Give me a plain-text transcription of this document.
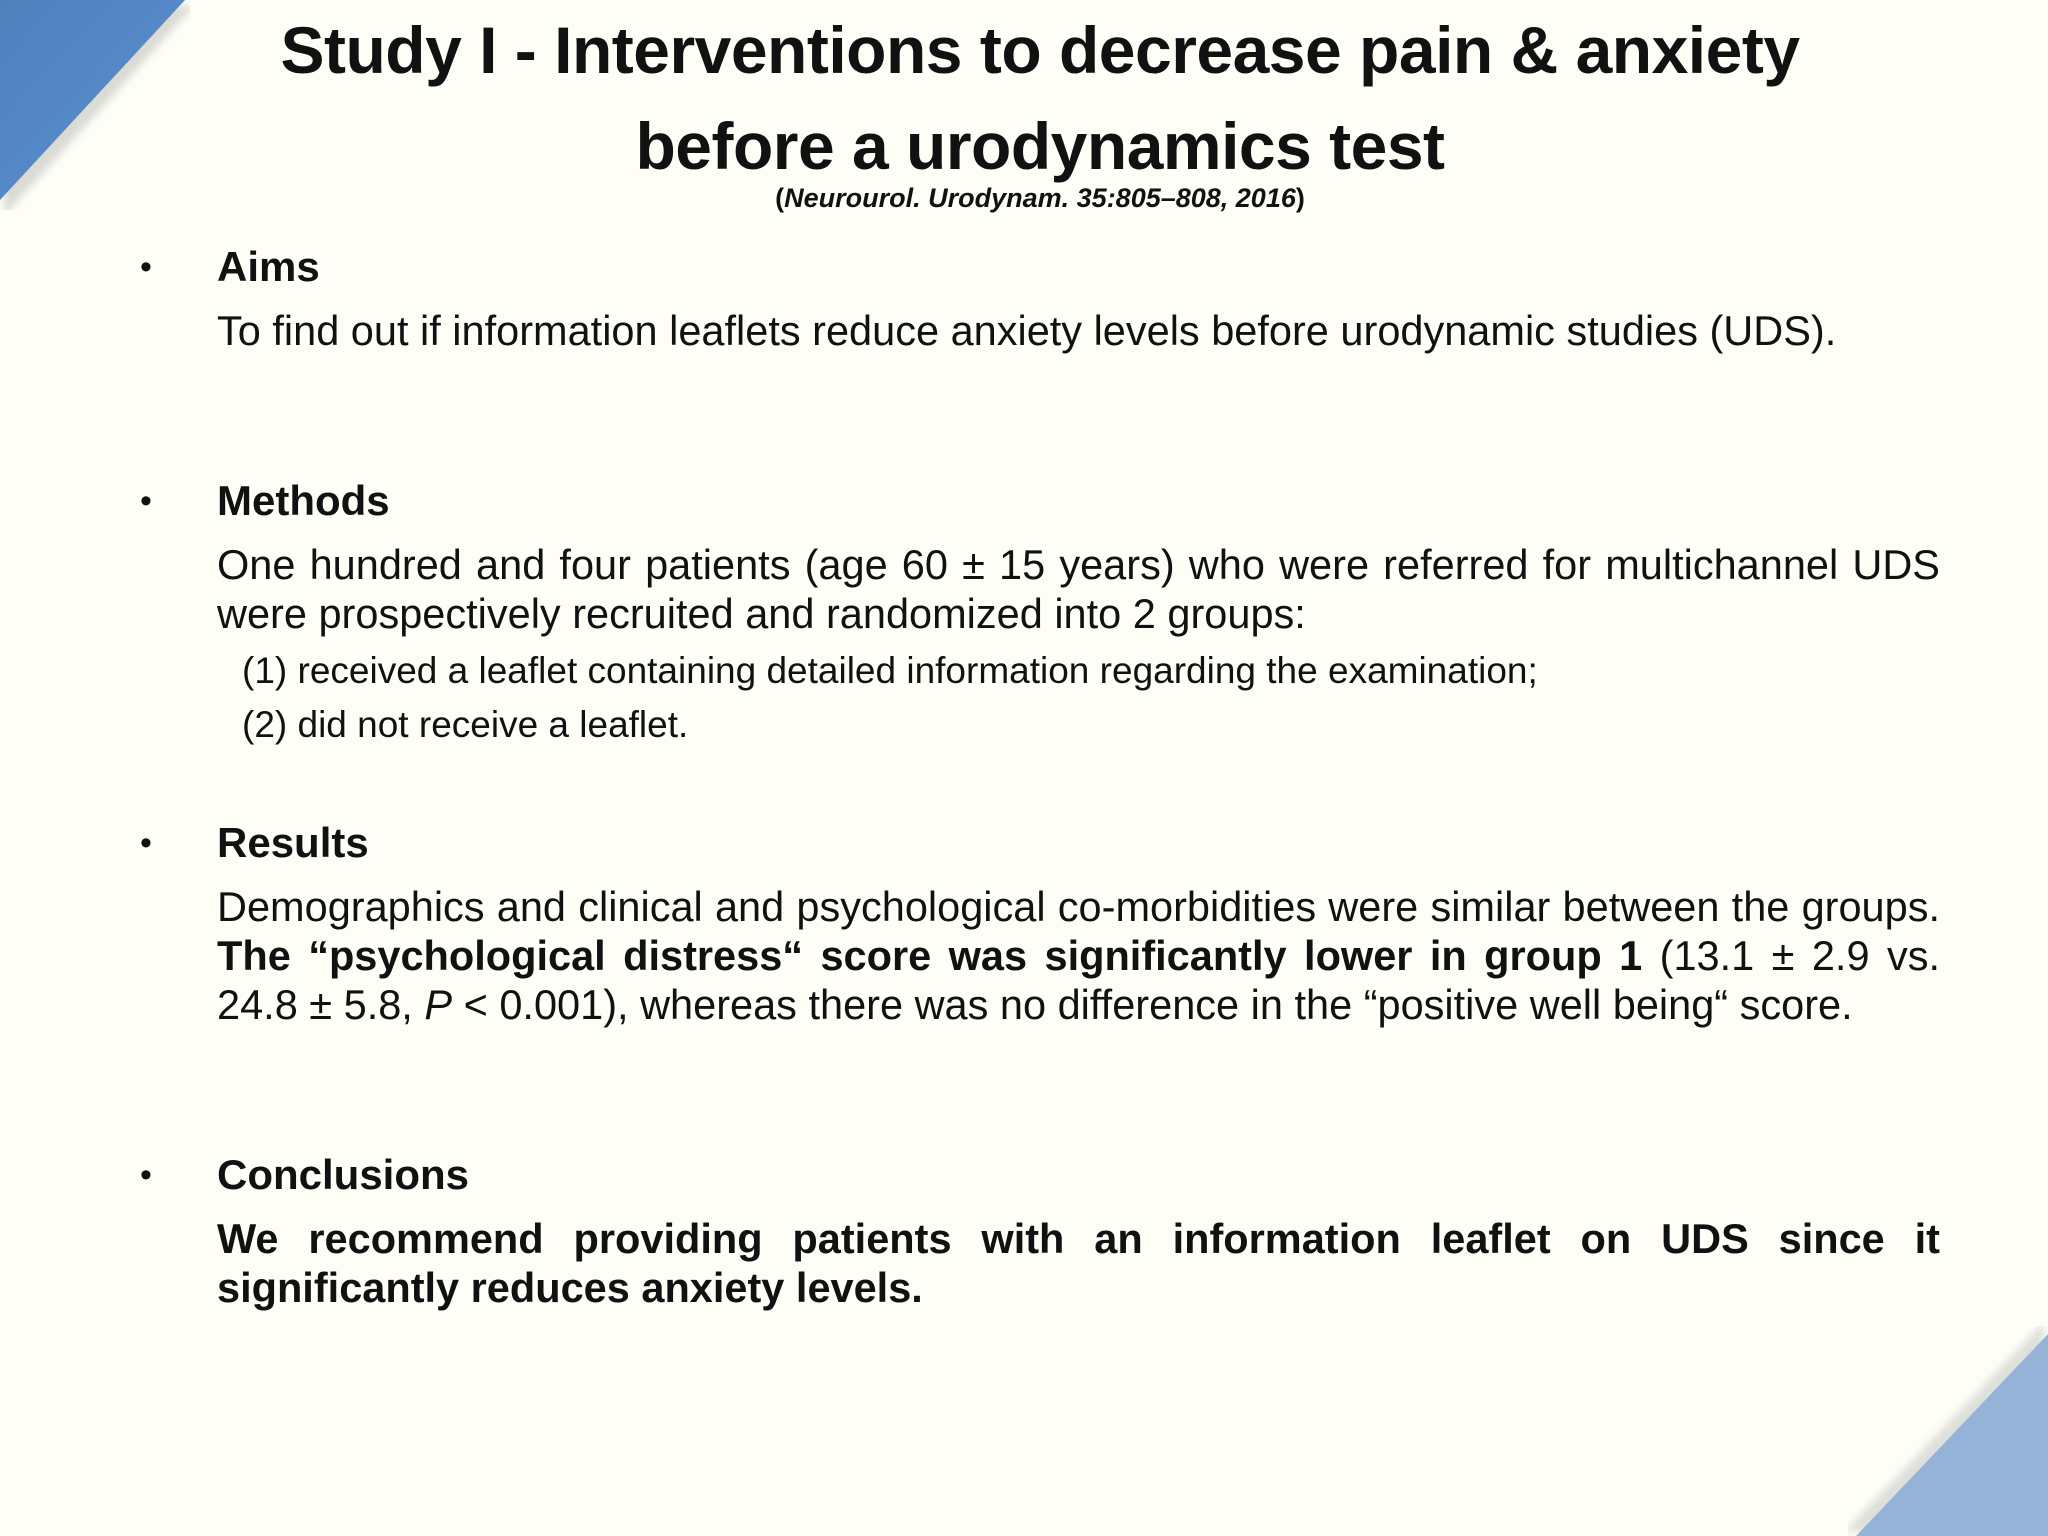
Study I - Interventions to decrease pain & anxiety
before a urodynamics test
(Neurourol. Urodynam. 35:805–808, 2016)
• Aims
To find out if information leaflets reduce anxiety levels before urodynamic studies (UDS).
• Methods
One hundred and four patients (age 60 ± 15 years) who were referred for multichannel UDS were prospectively recruited and randomized into 2 groups:
(1) received a leaflet containing detailed information regarding the examination;
(2) did not receive a leaflet.
• Results
Demographics and clinical and psychological co-morbidities were similar between the groups. The “psychological distress“ score was significantly lower in group 1 (13.1 ± 2.9 vs. 24.8 ± 5.8, P < 0.001), whereas there was no difference in the “positive well being“ score.
• Conclusions
We recommend providing patients with an information leaflet on UDS since it significantly reduces anxiety levels.
